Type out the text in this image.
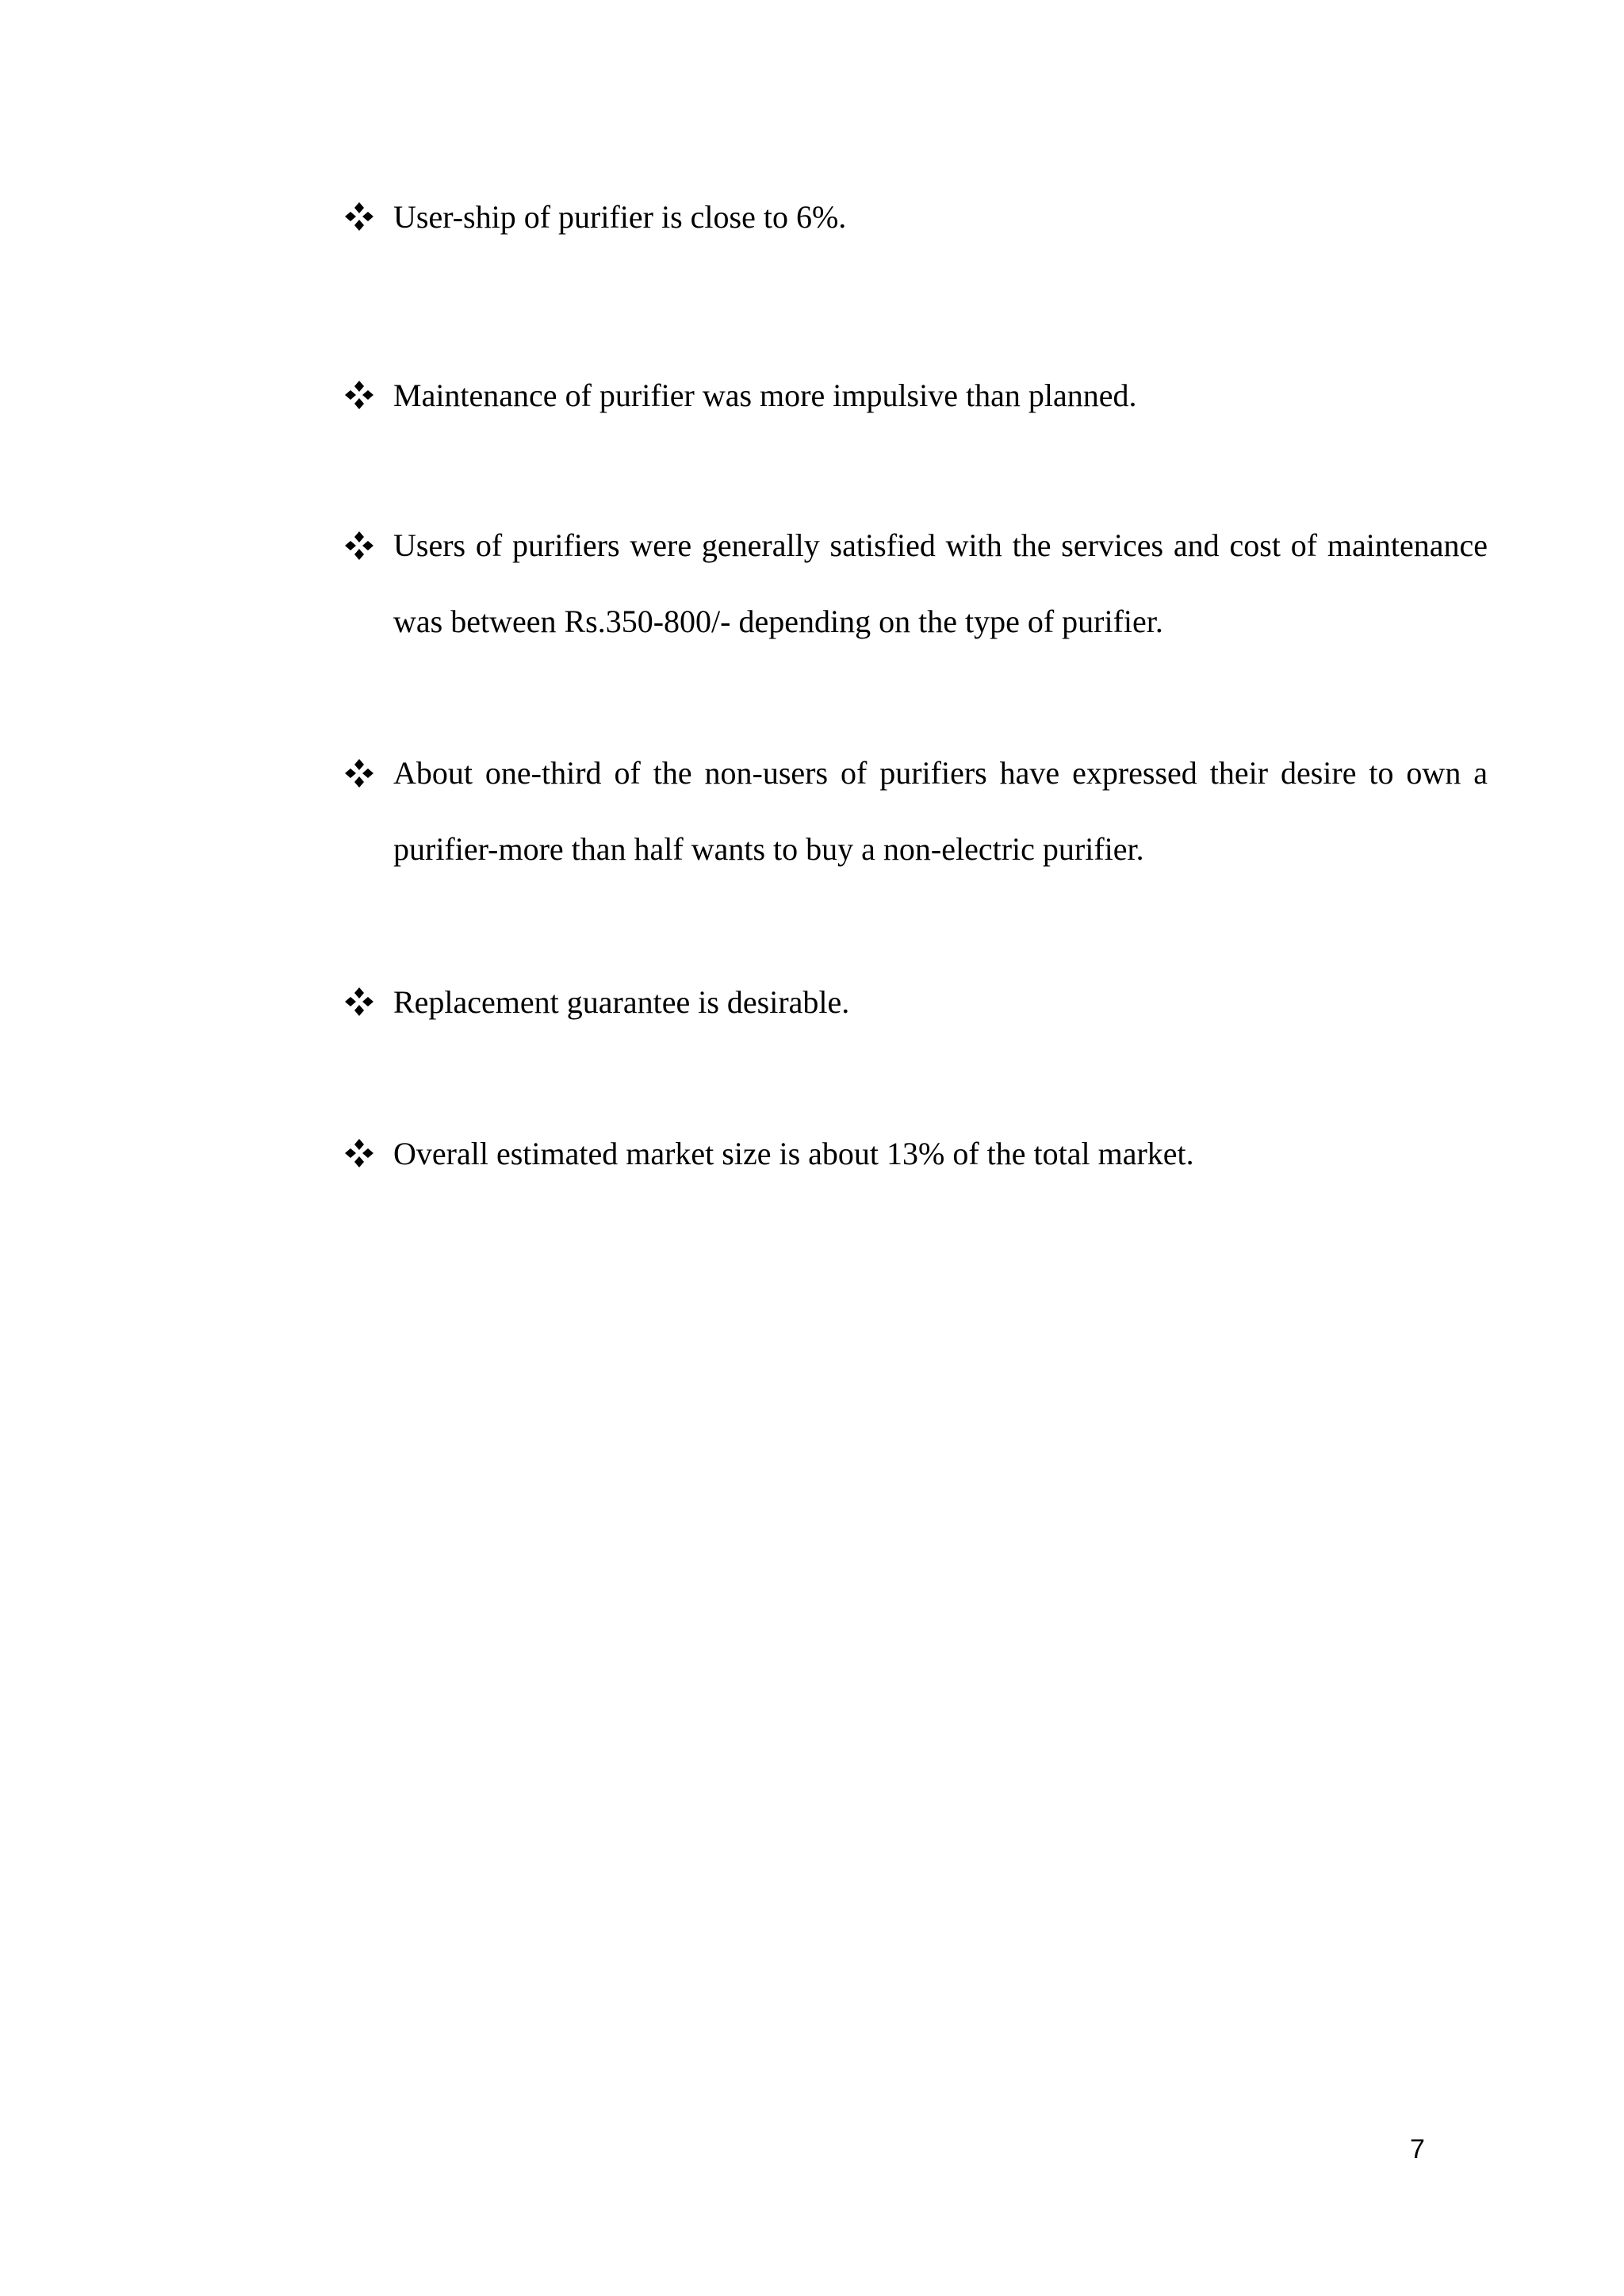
User-ship of purifier is close to 6%.

Maintenance of purifier was more impulsive than planned.

Users of purifiers were generally satisfied with the services and cost of maintenance was between Rs.350-800/- depending on the type of purifier.

About one-third of the non-users of purifiers have expressed their desire to own a purifier-more than half wants to buy a non-electric purifier.

Replacement guarantee is desirable.

Overall estimated market size is about 13% of the total market.

7
